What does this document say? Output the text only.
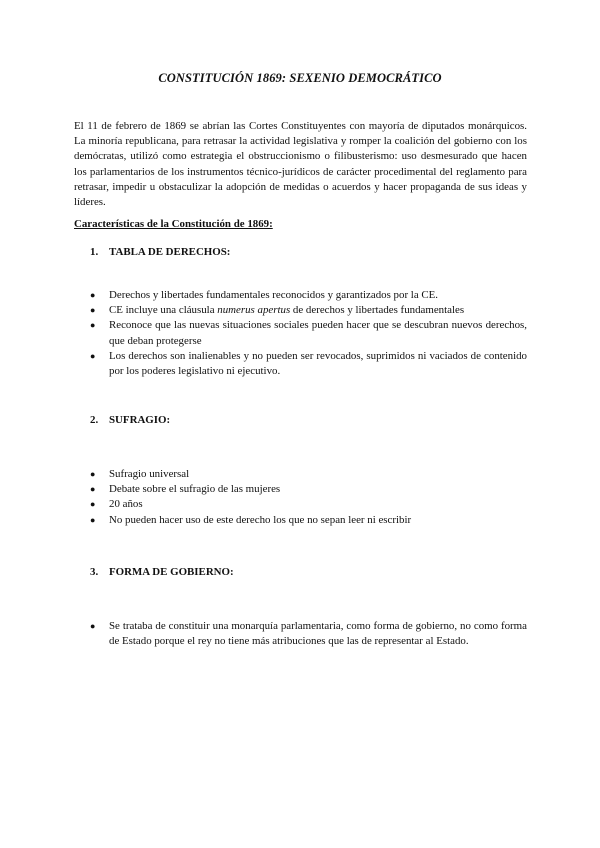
CONSTITUCIÓN 1869: SEXENIO DEMOCRÁTICO

El 11 de febrero de 1869 se abrían las Cortes Constituyentes con mayoría de diputados monárquicos. La minoría republicana, para retrasar la actividad legislativa y romper la coalición del gobierno con los demócratas, utilizó como estrategia el obstruccionismo o filibusterismo: uso desmesurado que hacen los parlamentarios de los instrumentos técnico-jurídicos de carácter procedimental del reglamento para retrasar, impedir u obstaculizar la adopción de medidas o acuerdos y hacer propaganda de sus ideas y líderes.

Características de la Constitución de 1869:
1. TABLA DE DERECHOS:
● Derechos y libertades fundamentales reconocidos y garantizados por la CE.
● CE incluye una cláusula numerus apertus de derechos y libertades fundamentales
● Reconoce que las nuevas situaciones sociales pueden hacer que se descubran nuevos derechos, que deban protegerse
● Los derechos son inalienables y no pueden ser revocados, suprimidos ni vaciados de contenido por los poderes legislativo ni ejecutivo.
2. SUFRAGIO:
● Sufragio universal
● Debate sobre el sufragio de las mujeres
● 20 años
● No pueden hacer uso de este derecho los que no sepan leer ni escribir
3. FORMA DE GOBIERNO:
● Se trataba de constituir una monarquía parlamentaria, como forma de gobierno, no como forma de Estado porque el rey no tiene más atribuciones que las de representar al Estado.
